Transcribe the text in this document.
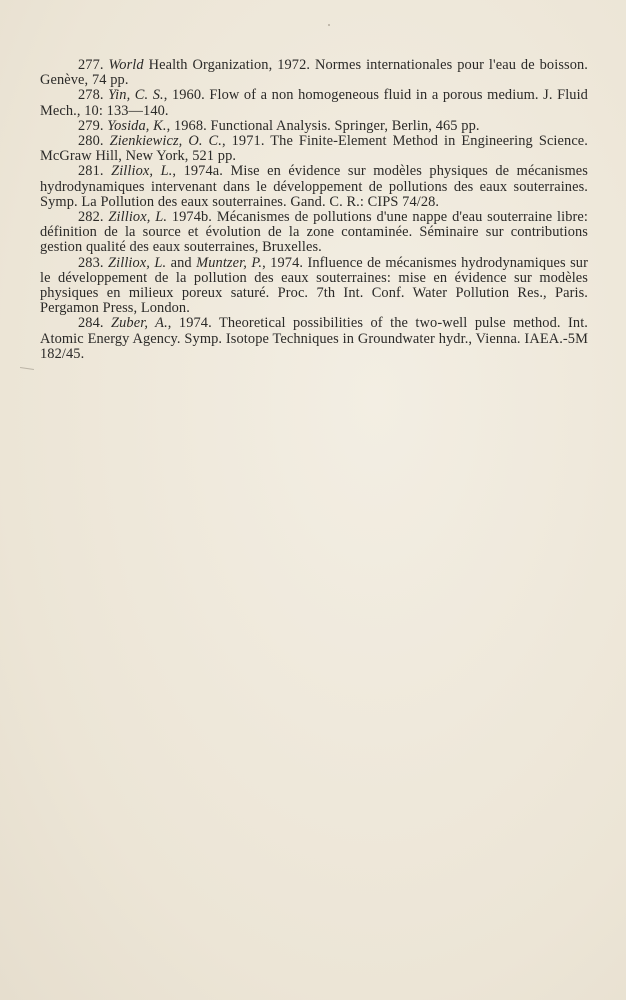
277. World Health Organization, 1972. Normes internationales pour l'eau de boisson. Genève, 74 pp.

278. Yin, C. S., 1960. Flow of a non homogeneous fluid in a porous medium. J. Fluid Mech., 10: 133—140.

279. Yosida, K., 1968. Functional Analysis. Springer, Berlin, 465 pp.

280. Zienkiewicz, O. C., 1971. The Finite-Element Method in Engineering Science. McGraw Hill, New York, 521 pp.

281. Zilliox, L., 1974a. Mise en évidence sur modèles physiques de mécanismes hydrodynamiques intervenant dans le développement de pollutions des eaux souterraines. Symp. La Pollution des eaux souterraines. Gand. C. R.: CIPS 74/28.

282. Zilliox, L. 1974b. Mécanismes de pollutions d'une nappe d'eau souterraine libre: définition de la source et évolution de la zone contaminée. Séminaire sur contributions gestion qualité des eaux souterraines, Bruxelles.

283. Zilliox, L. and Muntzer, P., 1974. Influence de mécanismes hydrodynamiques sur le développement de la pollution des eaux souterraines: mise en évidence sur modèles physiques en milieux poreux saturé. Proc. 7th Int. Conf. Water Pollution Res., Paris. Pergamon Press, London.

284. Zuber, A., 1974. Theoretical possibilities of the two-well pulse method. Int. Atomic Energy Agency. Symp. Isotope Techniques in Groundwater hydr., Vienna. IAEA.-5M 182/45.
